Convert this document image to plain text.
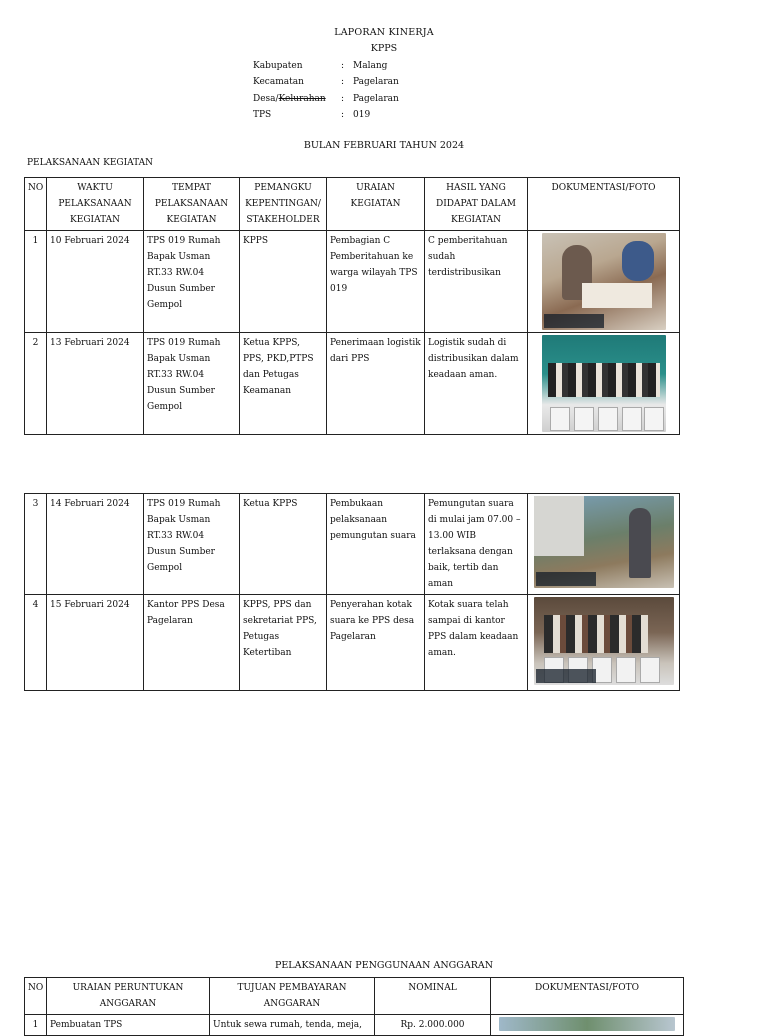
LAPORAN KINERJA
KPPS
Kabupaten	: Malang
Kecamatan	: Pagelaran
Desa/Kelurahan	: Pagelaran
TPS	: 019
BULAN FEBRUARI TAHUN 2024
PELAKSANAAN KEGIATAN
NO	WAKTU PELAKSANAAN KEGIATAN	TEMPAT PELAKSANAAN KEGIATAN	PEMANGKU KEPENTINGAN/ STAKEHOLDER	URAIAN KEGIATAN	HASIL YANG DIDAPAT DALAM KEGIATAN	DOKUMENTASI/FOTO
1	10 Februari 2024	TPS 019 Rumah Bapak Usman RT.33 RW.04 Dusun Sumber Gempol	KPPS	Pembagian C Pemberitahuan ke warga wilayah TPS 019	C pemberitahuan sudah terdistribusikan	

2	13 Februari 2024	TPS 019 Rumah Bapak Usman RT.33 RW.04 Dusun Sumber Gempol	Ketua KPPS, PPS, PKD,PTPS dan Petugas Keamanan	Penerimaan logistik dari PPS	Logistik sudah di distribusikan dalam keadaan aman.	
3	14 Februari 2024	TPS 019 Rumah Bapak Usman RT.33 RW.04 Dusun Sumber Gempol	Ketua KPPS	Pembukaan pelaksanaan pemungutan suara	Pemungutan suara di mulai jam 07.00 – 13.00 WIB terlaksana dengan baik, tertib dan aman	

4	15 Februari 2024	Kantor PPS Desa Pagelaran	KPPS, PPS dan sekretariat PPS, Petugas Ketertiban	Penyerahan kotak suara ke PPS desa Pagelaran	Kotak suara telah sampai di kantor PPS dalam keadaan aman.	
PELAKSANAAN PENGGUNAAN ANGGARAN
NO	URAIAN PERUNTUKAN ANGGARAN	TUJUAN PEMBAYARAN ANGGARAN	NOMINAL	DOKUMENTASI/FOTO
1	Pembuatan TPS	Untuk sewa rumah, tenda, meja,	Rp. 2.000.000	
